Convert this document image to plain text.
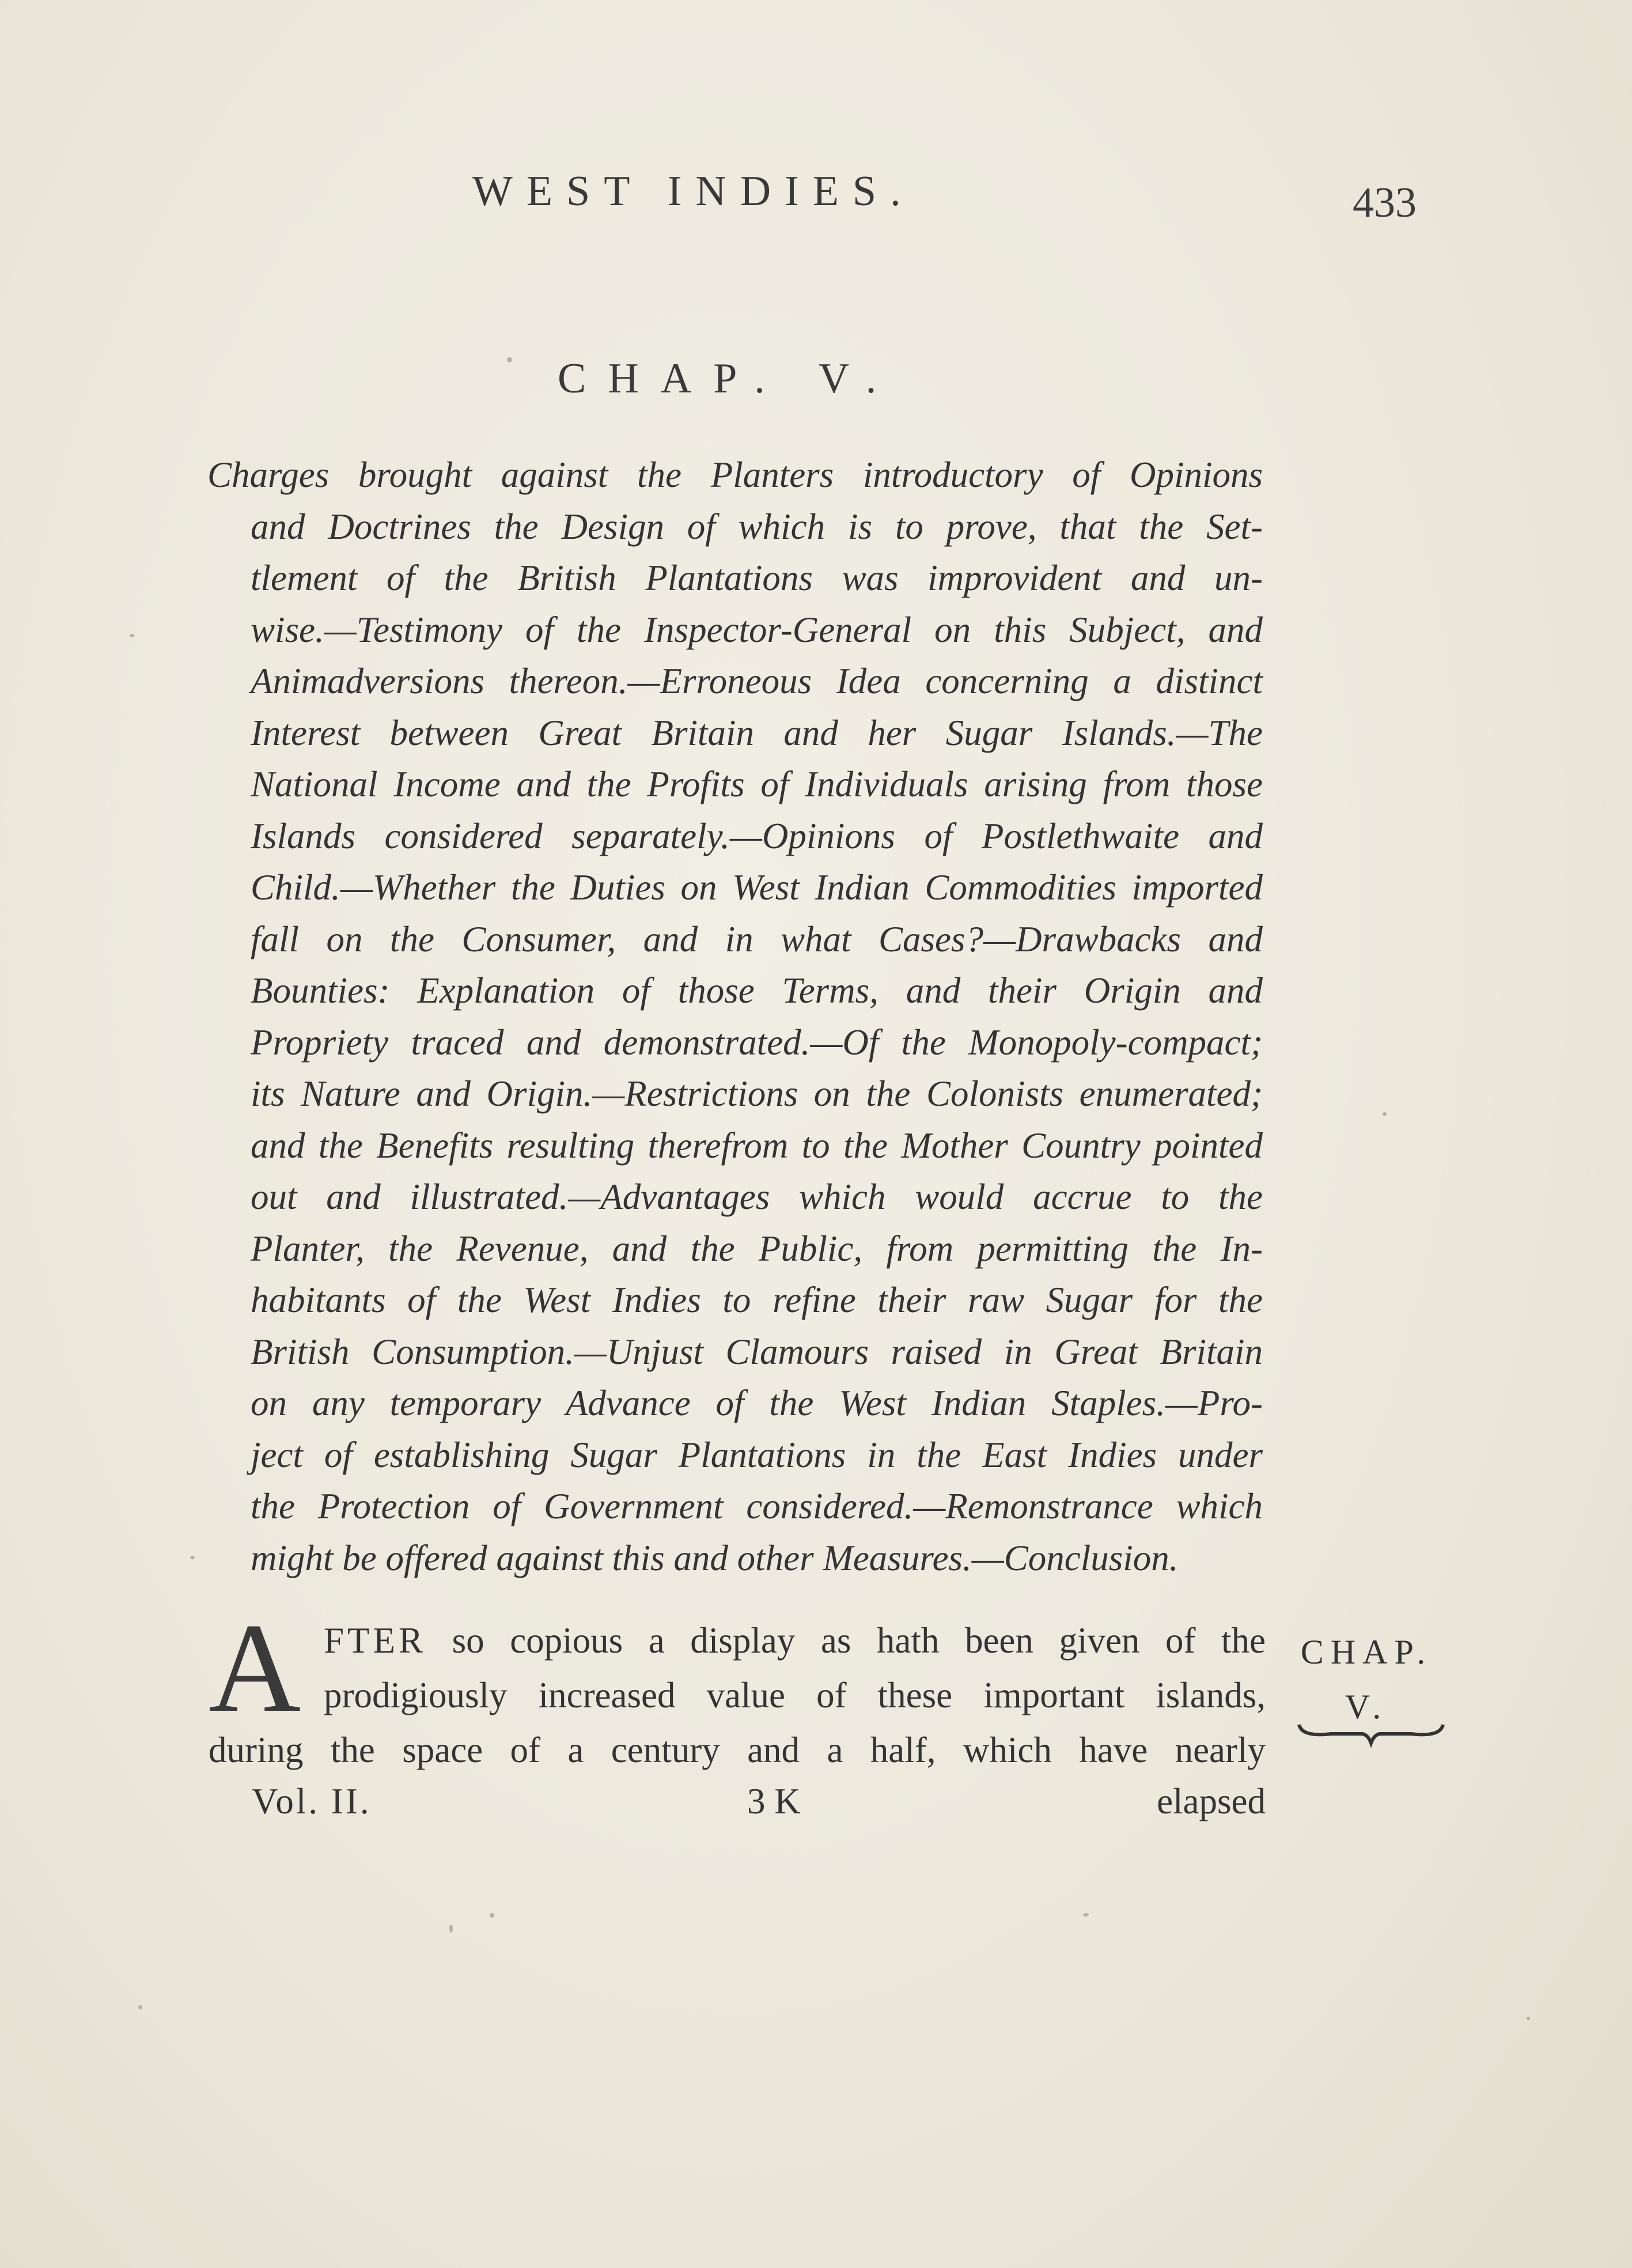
WEST INDIES.	433
CHAP. V.
Charges brought against the Planters introductory of Opinions
and Doctrines the Design of which is to prove, that the Set-
tlement of the British Plantations was improvident and un-
wise.—Testimony of the Inspector-General on this Subject, and
Animadversions thereon.—Erroneous Idea concerning a distinct
Interest between Great Britain and her Sugar Islands.—The
National Income and the Profits of Individuals arising from those
Islands considered separately.—Opinions of Postlethwaite and
Child.—Whether the Duties on West Indian Commodities imported
fall on the Consumer, and in what Cases?—Drawbacks and
Bounties: Explanation of those Terms, and their Origin and
Propriety traced and demonstrated.—Of the Monopoly-compact;
its Nature and Origin.—Restrictions on the Colonists enumerated;
and the Benefits resulting therefrom to the Mother Country pointed
out and illustrated.—Advantages which would accrue to the
Planter, the Revenue, and the Public, from permitting the In-
habitants of the West Indies to refine their raw Sugar for the
British Consumption.—Unjust Clamours raised in Great Britain
on any temporary Advance of the West Indian Staples.—Pro-
ject of establishing Sugar Plantations in the East Indies under
the Protection of Government considered.—Remonstrance which
might be offered against this and other Measures.—Conclusion.
A FTER so copious a display as hath been given of the
prodigiously increased value of these important islands,
during the space of a century and a half, which have nearly
CHAP.
V.
Vol. II.	3 K	elapsed
